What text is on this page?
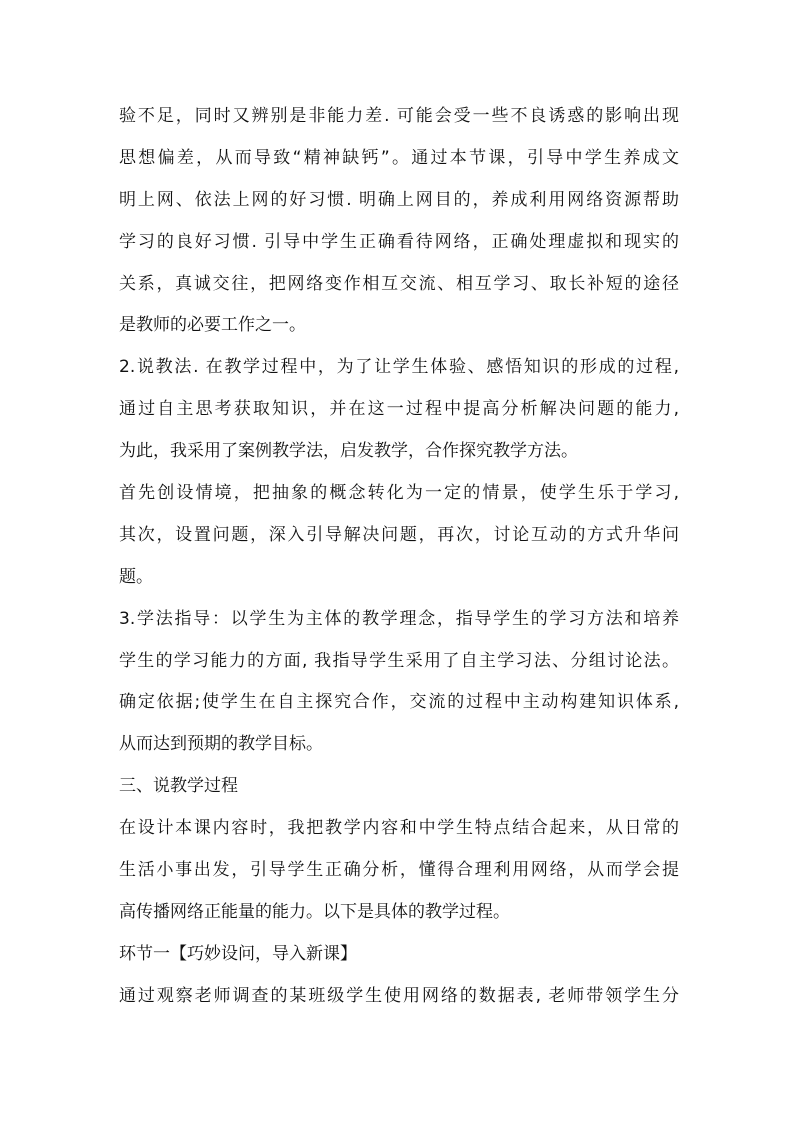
验不足，同时又辨别是非能力差. 可能会受一些不良诱惑的影响出现
思想偏差，从而导致“精神缺钙”。通过本节课，引导中学生养成文
明上网、依法上网的好习惯. 明确上网目的，养成利用网络资源帮助
学习的良好习惯. 引导中学生正确看待网络，正确处理虚拟和现实的
关系，真诚交往，把网络变作相互交流、相互学习、取长补短的途径
是教师的必要工作之一。
2.说教法. 在教学过程中，为了让学生体验、感悟知识的形成的过程,
通过自主思考获取知识，并在这一过程中提高分析解决问题的能力,
为此，我采用了案例教学法，启发教学，合作探究教学方法。
首先创设情境，把抽象的概念转化为一定的情景，使学生乐于学习,
其次，设置问题，深入引导解决问题，再次，讨论互动的方式升华问
题。
3.学法指导：以学生为主体的教学理念，指导学生的学习方法和培养
学生的学习能力的方面, 我指导学生采用了自主学习法、分组讨论法。
确定依据;使学生在自主探究合作，交流的过程中主动构建知识体系,
从而达到预期的教学目标。
三、说教学过程
在设计本课内容时，我把教学内容和中学生特点结合起来，从日常的
生活小事出发，引导学生正确分析，懂得合理利用网络，从而学会提
高传播网络正能量的能力。以下是具体的教学过程。
环节一【巧妙设问，导入新课】
通过观察老师调查的某班级学生使用网络的数据表, 老师带领学生分
